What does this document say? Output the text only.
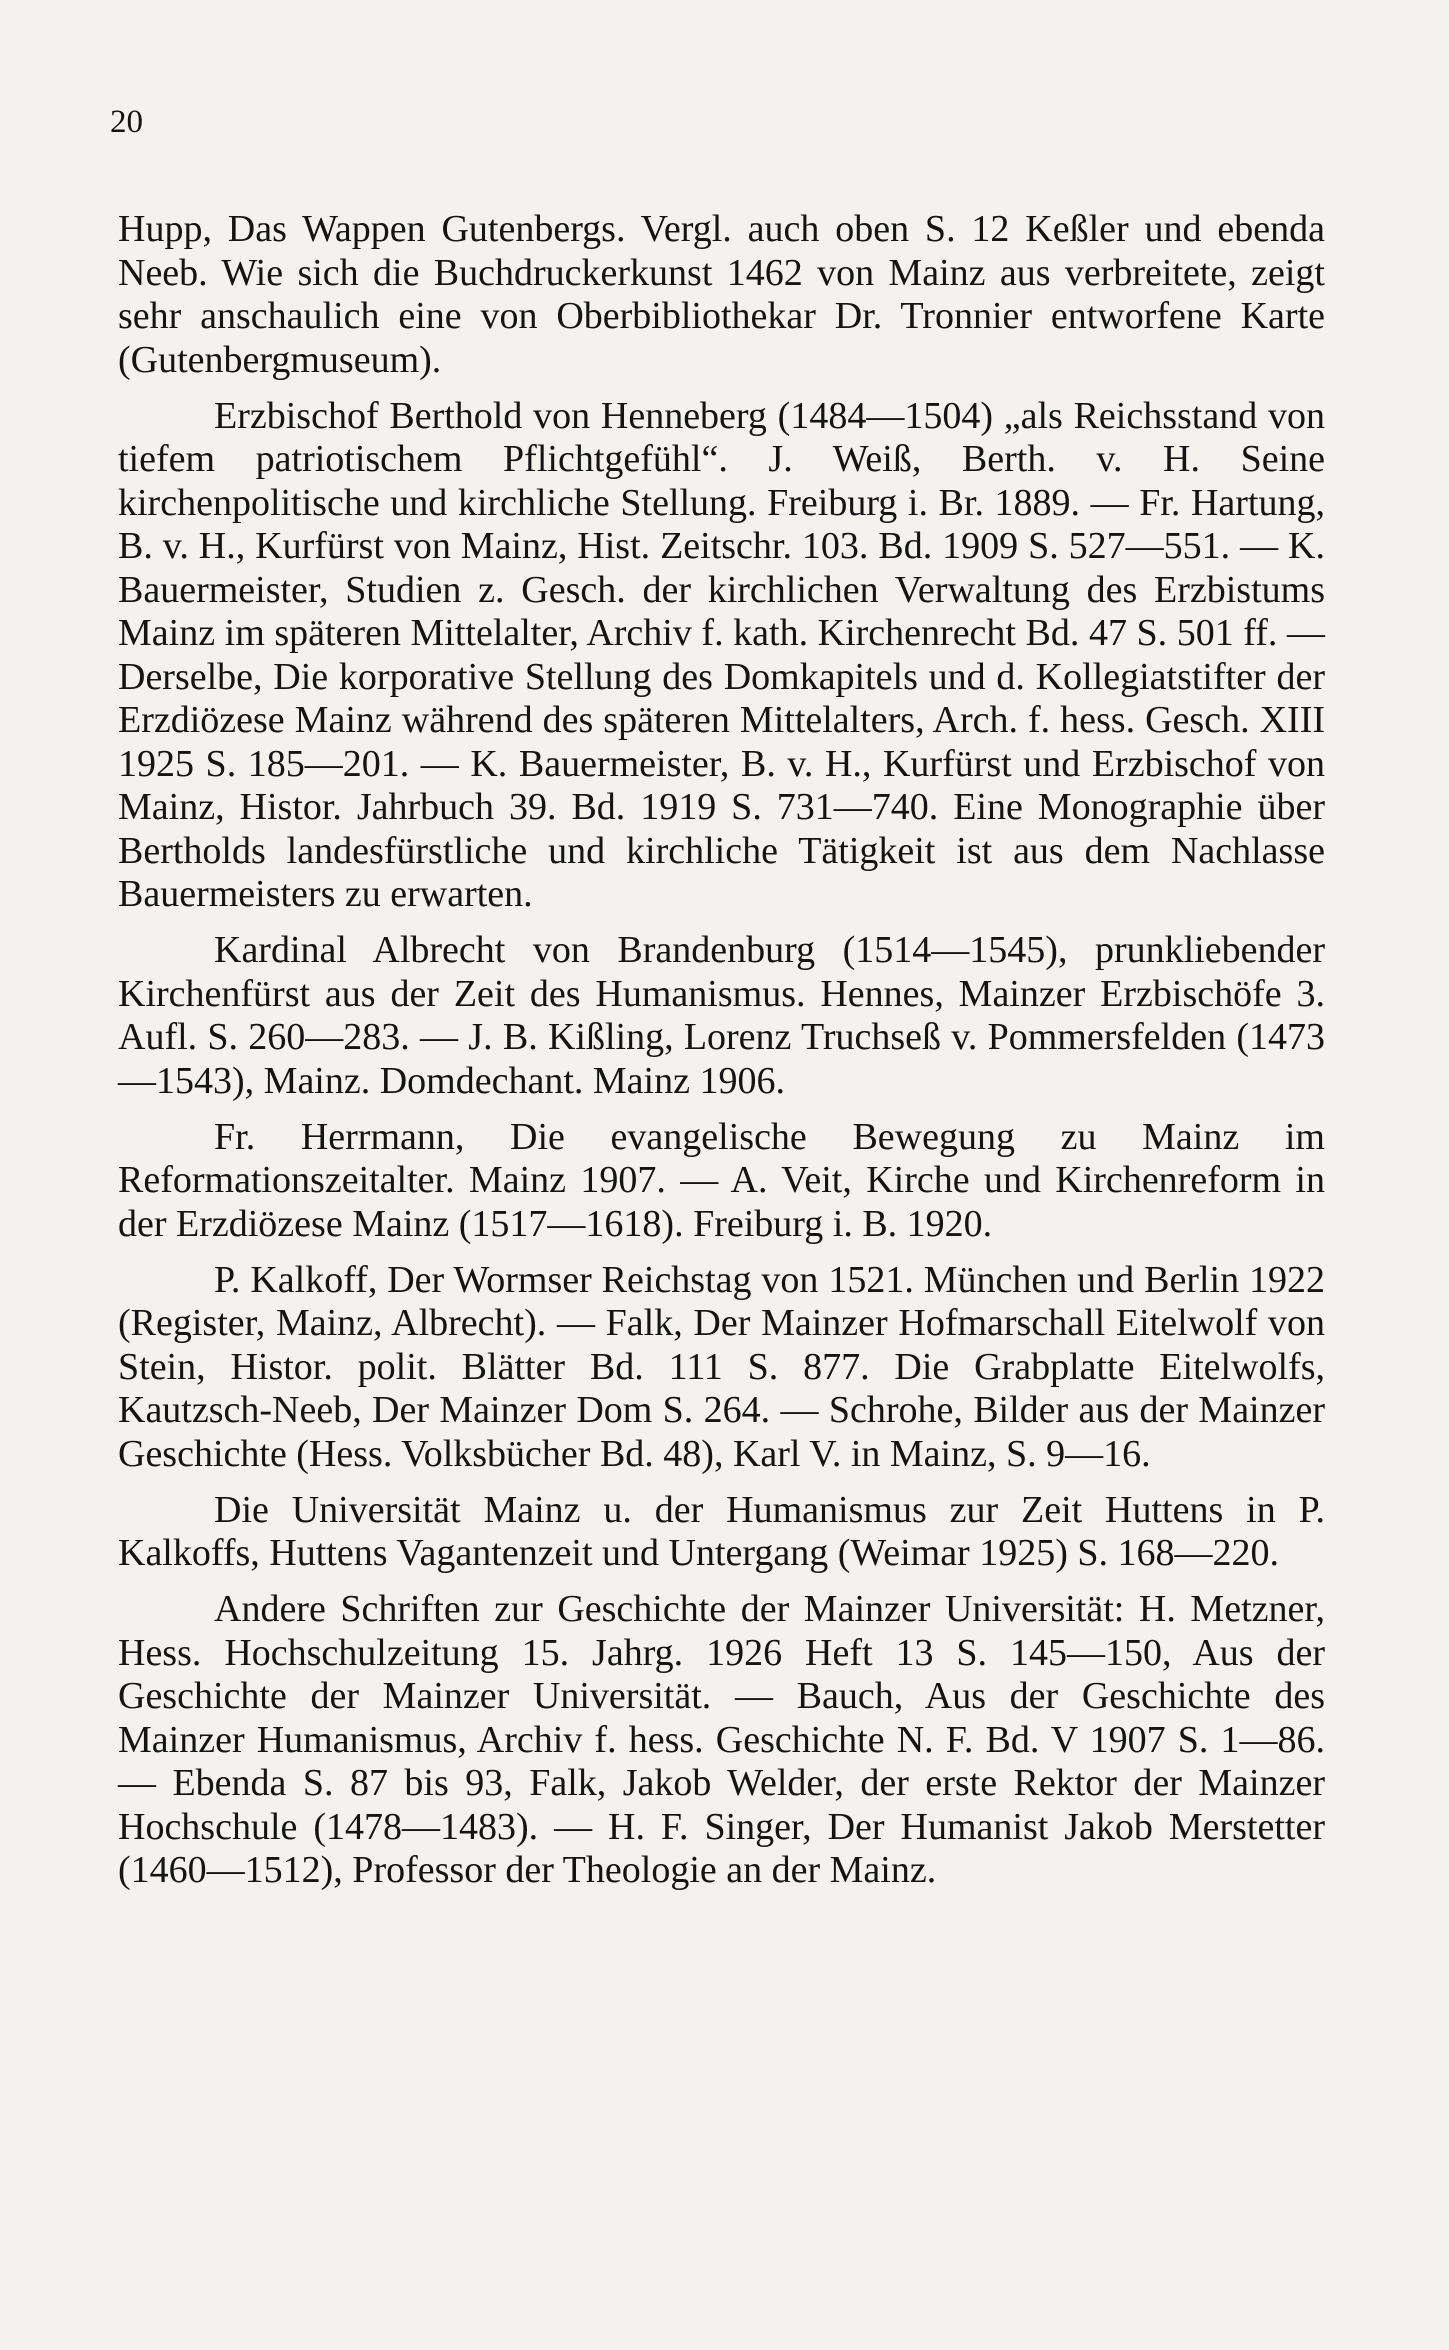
20

Hupp, Das Wappen Gutenbergs. Vergl. auch oben S. 12 Keßler und ebenda Neeb. Wie sich die Buchdruckerkunst 1462 von Mainz aus verbreitete, zeigt sehr anschaulich eine von Oberbibliothekar Dr. Tronnier entworfene Karte (Gutenbergmuseum).

Erzbischof Berthold von Henneberg (1484—1504) „als Reichsstand von tiefem patriotischem Pflichtgefühl“. J. Weiß, Berth. v. H. Seine kirchenpolitische und kirchliche Stellung. Freiburg i. Br. 1889. — Fr. Hartung, B. v. H., Kurfürst von Mainz, Hist. Zeitschr. 103. Bd. 1909 S. 527—551. — K. Bauermeister, Studien z. Gesch. der kirchlichen Verwaltung des Erzbistums Mainz im späteren Mittelalter, Archiv f. kath. Kirchenrecht Bd. 47 S. 501 ff. — Derselbe, Die korporative Stellung des Domkapitels und d. Kollegiatstifter der Erzdiözese Mainz während des späteren Mittelalters, Arch. f. hess. Gesch. XIII 1925 S. 185—201. — K. Bauermeister, B. v. H., Kurfürst und Erzbischof von Mainz, Histor. Jahrbuch 39. Bd. 1919 S. 731—740. Eine Monographie über Bertholds landesfürstliche und kirchliche Tätigkeit ist aus dem Nachlasse Bauermeisters zu erwarten.

Kardinal Albrecht von Brandenburg (1514—1545), prunkliebender Kirchenfürst aus der Zeit des Humanismus. Hennes, Mainzer Erzbischöfe 3. Aufl. S. 260—283. — J. B. Kißling, Lorenz Truchseß v. Pommersfelden (1473—1543), Mainz. Domdechant. Mainz 1906.

Fr. Herrmann, Die evangelische Bewegung zu Mainz im Reformationszeitalter. Mainz 1907. — A. Veit, Kirche und Kirchenreform in der Erzdiözese Mainz (1517—1618). Freiburg i. B. 1920.

P. Kalkoff, Der Wormser Reichstag von 1521. München und Berlin 1922 (Register, Mainz, Albrecht). — Falk, Der Mainzer Hofmarschall Eitelwolf von Stein, Histor. polit. Blätter Bd. 111 S. 877. Die Grabplatte Eitelwolfs, Kautzsch-Neeb, Der Mainzer Dom S. 264. — Schrohe, Bilder aus der Mainzer Geschichte (Hess. Volksbücher Bd. 48), Karl V. in Mainz, S. 9—16.

Die Universität Mainz u. der Humanismus zur Zeit Huttens in P. Kalkoffs, Huttens Vagantenzeit und Untergang (Weimar 1925) S. 168—220.

Andere Schriften zur Geschichte der Mainzer Universität: H. Metzner, Hess. Hochschulzeitung 15. Jahrg. 1926 Heft 13 S. 145—150, Aus der Geschichte der Mainzer Universität. — Bauch, Aus der Geschichte des Mainzer Humanismus, Archiv f. hess. Geschichte N. F. Bd. V 1907 S. 1—86. — Ebenda S. 87 bis 93, Falk, Jakob Welder, der erste Rektor der Mainzer Hochschule (1478—1483). — H. F. Singer, Der Humanist Jakob Merstetter (1460—1512), Professor der Theologie an der Mainz.
